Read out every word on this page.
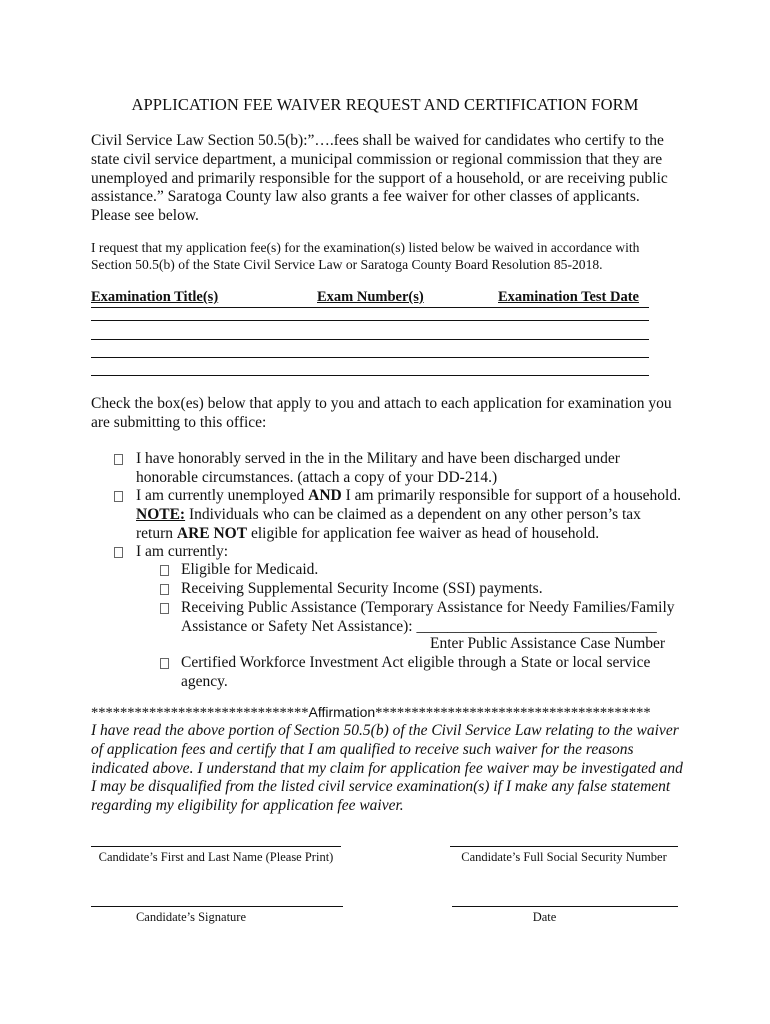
APPLICATION FEE WAIVER REQUEST AND CERTIFICATION FORM
Civil Service Law Section 50.5(b):”….fees shall be waived for candidates who certify to the state civil service department, a municipal commission or regional commission that they are unemployed and primarily responsible for the support of a household, or are receiving public assistance.” Saratoga County law also grants a fee waiver for other classes of applicants. Please see below.
I request that my application fee(s) for the examination(s) listed below be waived in accordance with Section 50.5(b) of the State Civil Service Law or Saratoga County Board Resolution 85-2018.
Examination Title(s)	Exam Number(s)	Examination Test Date
Check the box(es) below that apply to you and attach to each application for examination you are submitting to this office:
I have honorably served in the in the Military and have been discharged under honorable circumstances. (attach a copy of your DD-214.)
I am currently unemployed AND I am primarily responsible for support of a household.
NOTE: Individuals who can be claimed as a dependent on any other person’s tax return ARE NOT eligible for application fee waiver as head of household.
I am currently:
Eligible for Medicaid.
Receiving Supplemental Security Income (SSI) payments.
Receiving Public Assistance (Temporary Assistance for Needy Families/Family Assistance or Safety Net Assistance): _______________________________
Enter Public Assistance Case Number
Certified Workforce Investment Act eligible through a State or local service agency.
******************************Affirmation**************************************
I have read the above portion of Section 50.5(b) of the Civil Service Law relating to the waiver of application fees and certify that I am qualified to receive such waiver for the reasons indicated above. I understand that my claim for application fee waiver may be investigated and I may be disqualified from the listed civil service examination(s) if I make any false statement regarding my eligibility for application fee waiver.
Candidate’s First and Last Name (Please Print)	Candidate’s Full Social Security Number
Candidate’s Signature	Date
